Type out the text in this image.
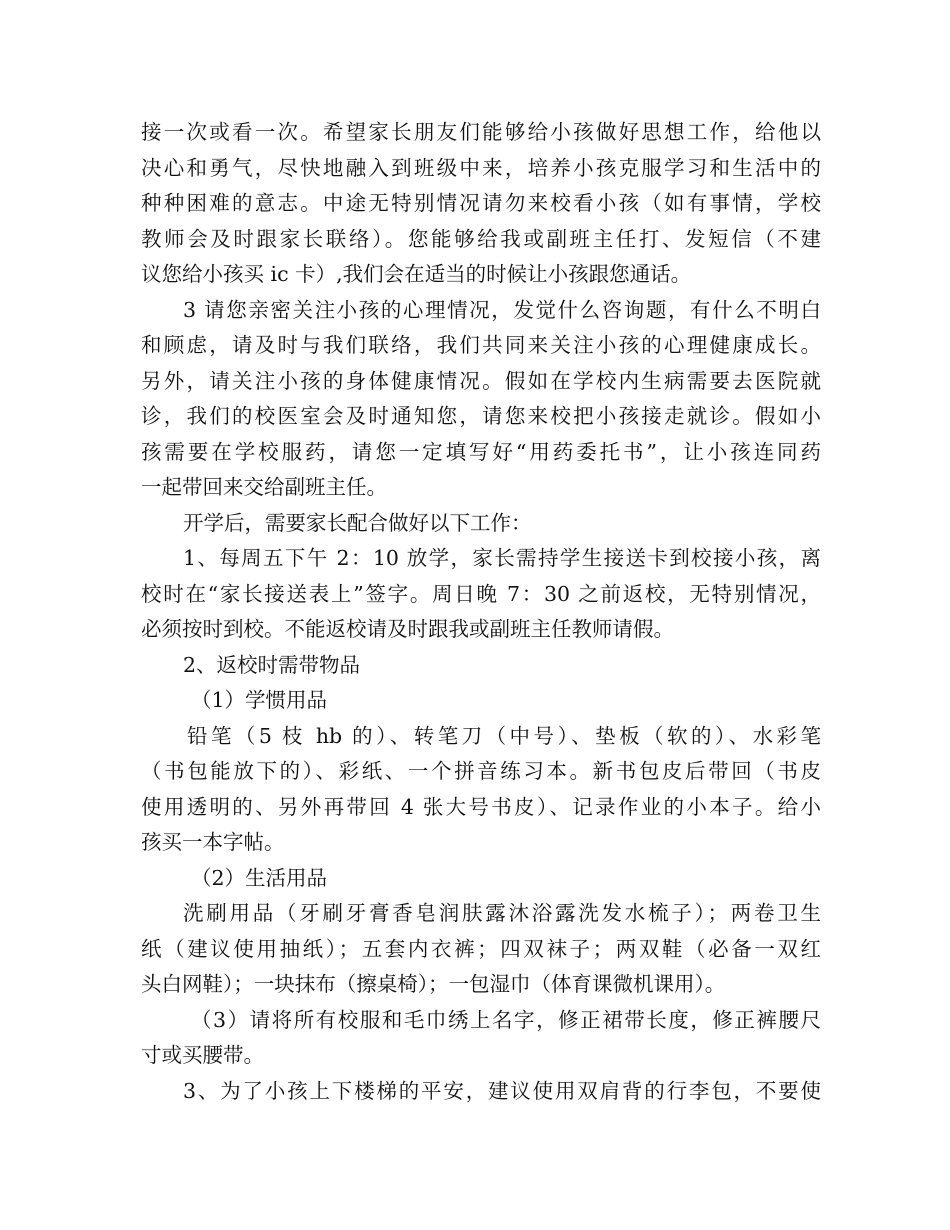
接一次或看一次。希望家长朋友们能够给小孩做好思想工作，给他以
决心和勇气，尽快地融入到班级中来，培养小孩克服学习和生活中的
种种困难的意志。中途无特别情况请勿来校看小孩（如有事情，学校
教师会及时跟家长联络）。您能够给我或副班主任打、发短信（不建
议您给小孩买 ic 卡）,我们会在适当的时候让小孩跟您通话。
3 请您亲密关注小孩的心理情况，发觉什么咨询题，有什么不明白
和顾虑，请及时与我们联络，我们共同来关注小孩的心理健康成长。
另外，请关注小孩的身体健康情况。假如在学校内生病需要去医院就
诊，我们的校医室会及时通知您，请您来校把小孩接走就诊。假如小
孩需要在学校服药，请您一定填写好“用药委托书”，让小孩连同药
一起带回来交给副班主任。
开学后，需要家长配合做好以下工作：
1、每周五下午 2：10 放学，家长需持学生接送卡到校接小孩，离
校时在“家长接送表上”签字。周日晚 7：30 之前返校，无特别情况，
必须按时到校。不能返校请及时跟我或副班主任教师请假。
2、返校时需带物品
（1）学惯用品
铅笔（5 枝 hb 的）、转笔刀（中号）、垫板（软的）、水彩笔
（书包能放下的）、彩纸、一个拼音练习本。新书包皮后带回（书皮
使用透明的、另外再带回 4 张大号书皮）、记录作业的小本子。给小
孩买一本字帖。
（2）生活用品
洗刷用品（牙刷牙膏香皂润肤露沐浴露洗发水梳子）；两卷卫生
纸（建议使用抽纸）；五套内衣裤；四双袜子；两双鞋（必备一双红
头白网鞋）；一块抹布（擦桌椅）；一包湿巾（体育课微机课用）。
（3）请将所有校服和毛巾绣上名字，修正裙带长度，修正裤腰尺
寸或买腰带。
3、为了小孩上下楼梯的平安，建议使用双肩背的行李包，不要使
